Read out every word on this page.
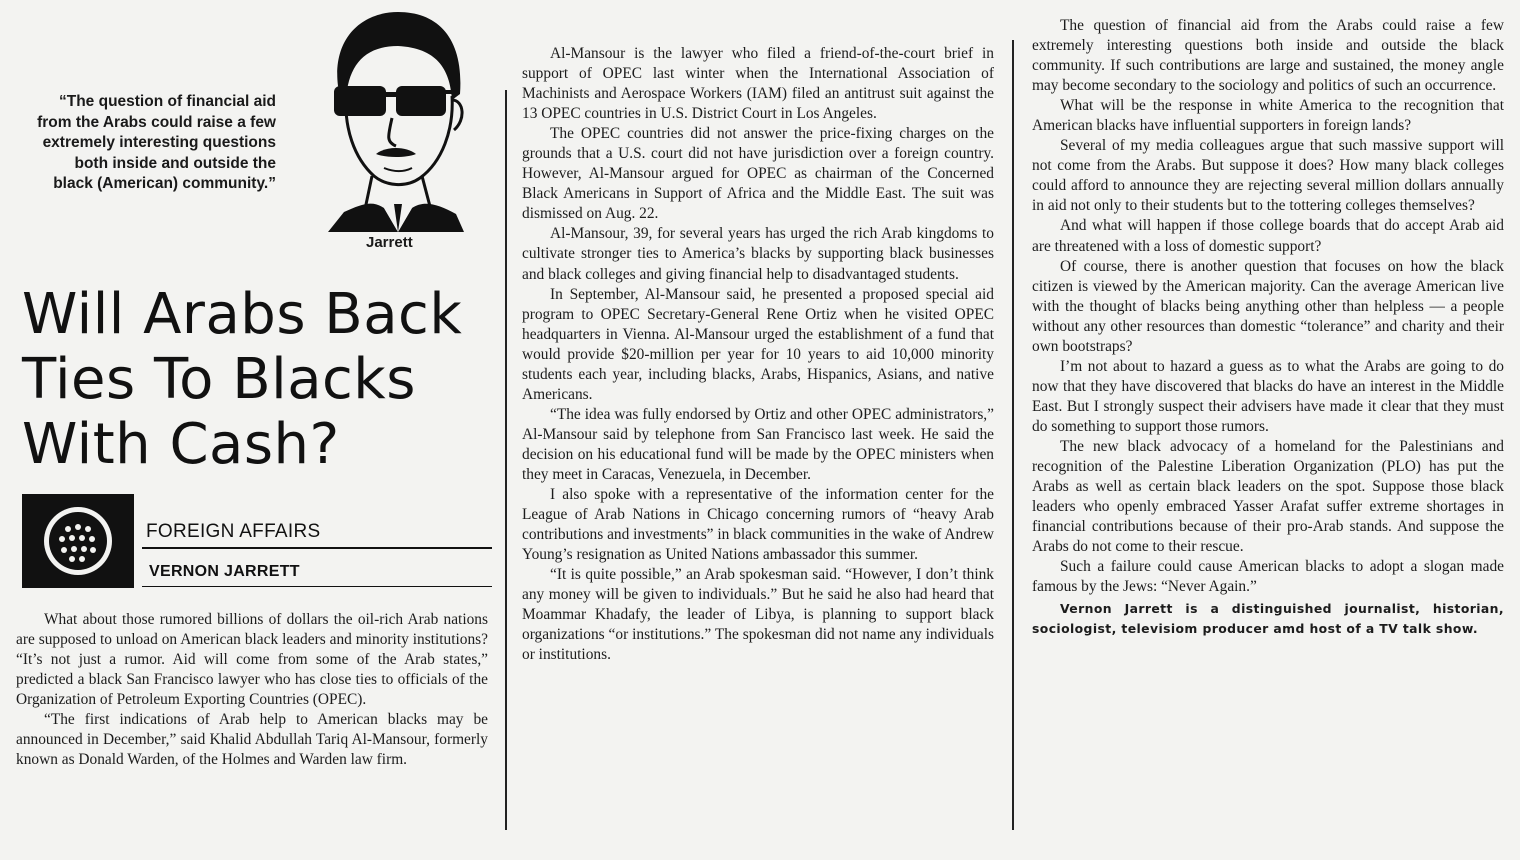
“The question of financial aid from the Arabs could raise a few extremely interesting questions both inside and outside the black (American) community.”
Jarrett
Will Arabs Back Ties To Blacks With Cash?
FOREIGN AFFAIRS
VERNON JARRETT

What about those rumored billions of dollars the oil-rich Arab nations are supposed to unload on American black leaders and minority institutions? “It’s not just a rumor. Aid will come from some of the Arab states,” predicted a black San Francisco lawyer who has close ties to officials of the Organization of Petroleum Exporting Countries (OPEC).

“The first indications of Arab help to American blacks may be announced in December,” said Khalid Abdullah Tariq Al-Mansour, formerly known as Donald Warden, of the Holmes and Warden law firm.

Al-Mansour is the lawyer who filed a friend-of-the-court brief in support of OPEC last winter when the International Association of Machinists and Aerospace Workers (IAM) filed an antitrust suit against the 13 OPEC countries in U.S. District Court in Los Angeles.

The OPEC countries did not answer the price-fixing charges on the grounds that a U.S. court did not have jurisdiction over a foreign country. However, Al-Mansour argued for OPEC as chairman of the Concerned Black Americans in Support of Africa and the Middle East. The suit was dismissed on Aug. 22.

Al-Mansour, 39, for several years has urged the rich Arab kingdoms to cultivate stronger ties to America’s blacks by supporting black businesses and black colleges and giving financial help to disadvantaged students.

In September, Al-Mansour said, he presented a proposed special aid program to OPEC Secretary-General Rene Ortiz when he visited OPEC headquarters in Vienna. Al-Mansour urged the establishment of a fund that would provide $20-million per year for 10 years to aid 10,000 minority students each year, including blacks, Arabs, Hispanics, Asians, and native Americans.

“The idea was fully endorsed by Ortiz and other OPEC administrators,” Al-Mansour said by telephone from San Francisco last week. He said the decision on his educational fund will be made by the OPEC ministers when they meet in Caracas, Venezuela, in December.

I also spoke with a representative of the information center for the League of Arab Nations in Chicago concerning rumors of “heavy Arab contributions and investments” in black communities in the wake of Andrew Young’s resignation as United Nations ambassador this summer.

“It is quite possible,” an Arab spokesman said. “However, I don’t think any money will be given to individuals.” But he said he also had heard that Moammar Khadafy, the leader of Libya, is planning to support black organizations “or institutions.” The spokesman did not name any individuals or institutions.

The question of financial aid from the Arabs could raise a few extremely interesting questions both inside and outside the black community. If such contributions are large and sustained, the money angle may become secondary to the sociology and politics of such an occurrence.

What will be the response in white America to the recognition that American blacks have influential supporters in foreign lands?

Several of my media colleagues argue that such massive support will not come from the Arabs. But suppose it does? How many black colleges could afford to announce they are rejecting several million dollars annually in aid not only to their students but to the tottering colleges themselves?

And what will happen if those college boards that do accept Arab aid are threatened with a loss of domestic support?

Of course, there is another question that focuses on how the black citizen is viewed by the American majority. Can the average American live with the thought of blacks being anything other than helpless — a people without any other resources than domestic “tolerance” and charity and their own bootstraps?

I’m not about to hazard a guess as to what the Arabs are going to do now that they have discovered that blacks do have an interest in the Middle East. But I strongly suspect their advisers have made it clear that they must do something to support those rumors.

The new black advocacy of a homeland for the Palestinians and recognition of the Palestine Liberation Organization (PLO) has put the Arabs as well as certain black leaders on the spot. Suppose those black leaders who openly embraced Yasser Arafat suffer extreme shortages in financial contributions because of their pro-Arab stands. And suppose the Arabs do not come to their rescue.

Such a failure could cause American blacks to adopt a slogan made famous by the Jews: “Never Again.”

Vernon Jarrett is a distinguished journalist, historian, sociologist, televisiom producer amd host of a TV talk show.
